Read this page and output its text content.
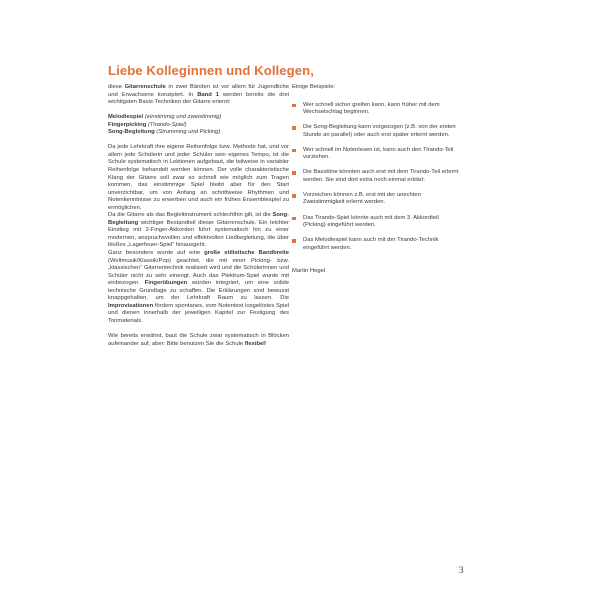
Liebe Kolleginnen und Kollegen,

diese Gitarrenschule in zwei Bänden ist vor allem für Jugendliche und Erwachsene konzipiert. In Band 1 werden bereits die drei wichtigsten Basis-Techniken der Gitarre erlernt:

Melodiespiel (einstimmig und zweistimmig)
Fingerpicking (Tirando-Spiel)
Song-Begleitung (Strumming und Picking)

Da jede Lehrkraft ihre eigene Reihenfolge bzw. Methode hat, und vor allem jede Schülerin und jeder Schüler sein eigenes Tempo, ist die Schule systematisch in Lektionen aufgebaut, die teilweise in variabler Reihenfolge behandelt werden können. Der volle charakteristische Klang der Gitarre soll zwar so schnell wie möglich zum Tragen kommen, das einstimmige Spiel bleibt aber für den Start unverzichtbar, um von Anfang an schrittweise Rhythmen und Notenkenntnisse zu erwerben und auch ein frühes Ensemblespiel zu ermöglichen.

Da die Gitarre als das Begleitinstrument schlechthin gilt, ist die Song-Begleitung wichtiger Bestandteil dieser Gitarrenschule. Ein leichter Einstieg mit 2-Finger-Akkorden führt systematisch hin zu einer modernen, anspruchsvollen und effektvollen Liedbegleitung, die über bloßes „Lagerfeuer-Spiel“ hinausgeht.

Ganz besonders wurde auf eine große stilistische Bandbreite (Weltmusik/Klassik/Pop) geachtet, die mit einer Picking- bzw. „klassischen“ Gitarrentechnik realisiert wird und die Schülerinnen und Schüler nicht zu sehr einengt. Auch das Plektrum-Spiel wurde mit einbezogen. Fingerübungen wurden integriert, um eine solide technische Grundlage zu schaffen. Die Erklärungen sind bewusst knappgehalten, um der Lehrkraft Raum zu lassen. Die Improvisationen fördern spontanes, vom Notentext losgelöstes Spiel und dienen innerhalb der jeweiligen Kapitel zur Festigung des Tonmaterials.

Wie bereits erwähnt, baut die Schule zwar systematisch in Blöcken aufeinander auf, aber: Bitte benutzen Sie die Schule flexibel!

Einige Beispiele:
Wer schnell sicher greifen kann, kann früher mit dem Wechselschlag beginnen.
Die Song-Begleitung kann vorgezogen (z.B. von der ersten Stunde an parallel) oder auch erst später erlernt werden.
Wer schnell im Notenlesen ist, kann auch den Tirando-Teil vorziehen.
Die Basstöne könnten auch erst mit dem Tirando-Teil erlernt werden. Sie sind dort extra noch einmal erklärt.
Vorzeichen können z.B. erst mit der unechten Zweistimmigkeit erlernt werden.
Das Tirando-Spiel könnte auch mit dem 3. Akkordteil (Picking) eingeführt werden.
Das Melodiespiel kann auch mit der Tirando-Technik eingeführt werden.
Martin Hegel
3
